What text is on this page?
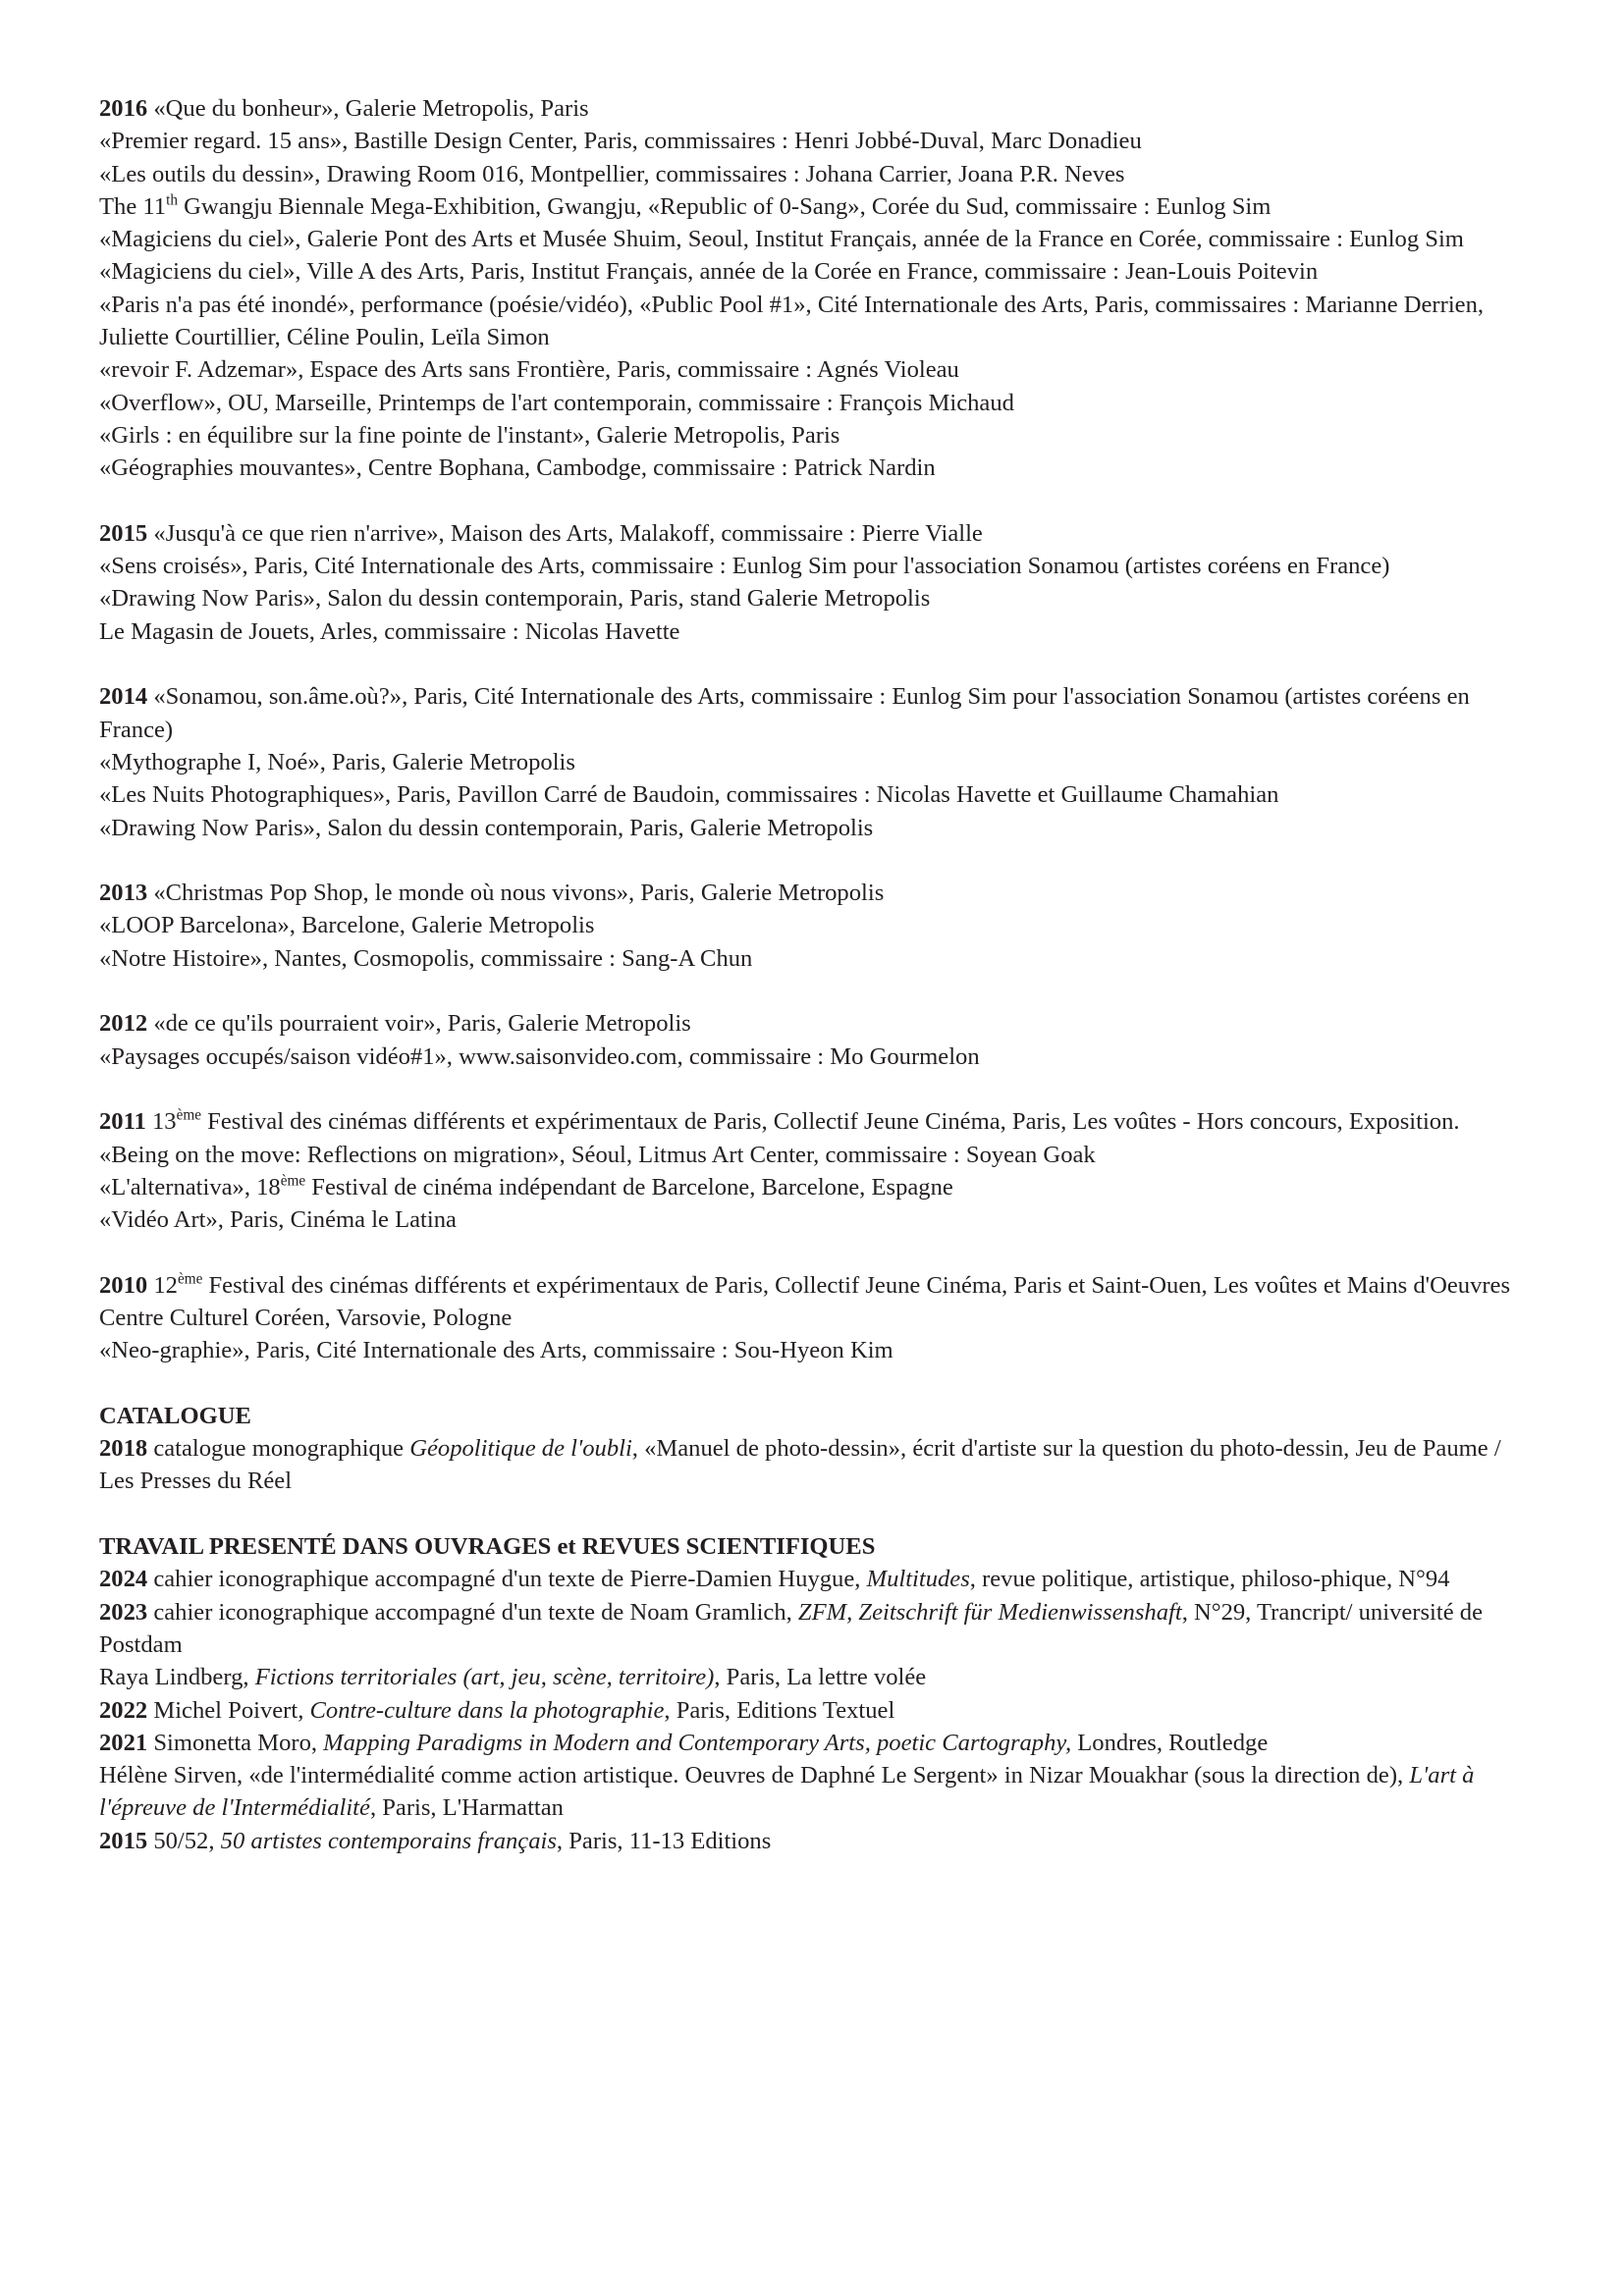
2016 «Que du bonheur», Galerie Metropolis, Paris

«Premier regard. 15 ans», Bastille Design Center, Paris, commissaires : Henri Jobbé-Duval, Marc Donadieu

«Les outils du dessin», Drawing Room 016, Montpellier, commissaires : Johana Carrier, Joana P.R. Neves

The 11th Gwangju Biennale Mega-Exhibition, Gwangju, «Republic of 0-Sang», Corée du Sud, commissaire : Eunlog Sim

«Magiciens du ciel», Galerie Pont des Arts et Musée Shuim, Seoul, Institut Français, année de la France en Corée, commissaire : Eunlog Sim

«Magiciens du ciel», Ville A des Arts, Paris, Institut Français, année de la Corée en France, commissaire : Jean-Louis Poitevin

«Paris n'a pas été inondé», performance (poésie/vidéo), «Public Pool #1», Cité Internationale des Arts, Paris, commissaires : Marianne Derrien, Juliette Courtillier, Céline Poulin, Leïla Simon

«revoir F. Adzemar», Espace des Arts sans Frontière, Paris, commissaire : Agnés Violeau

«Overflow», OU, Marseille, Printemps de l'art contemporain, commissaire : François Michaud

«Girls : en équilibre sur la fine pointe de l'instant», Galerie Metropolis, Paris

«Géographies mouvantes», Centre Bophana, Cambodge, commissaire : Patrick Nardin

2015 «Jusqu'à ce que rien n'arrive», Maison des Arts, Malakoff, commissaire : Pierre Vialle

«Sens croisés», Paris, Cité Internationale des Arts, commissaire : Eunlog Sim pour l'association Sonamou (artistes coréens en France)

«Drawing Now Paris», Salon du dessin contemporain, Paris, stand Galerie Metropolis

Le Magasin de Jouets, Arles, commissaire : Nicolas Havette

2014 «Sonamou, son.âme.où?», Paris, Cité Internationale des Arts, commissaire : Eunlog Sim pour l'association Sonamou (artistes coréens en France)

«Mythographe I, Noé», Paris, Galerie Metropolis

«Les Nuits Photographiques», Paris, Pavillon Carré de Baudoin, commissaires : Nicolas Havette et Guillaume Chamahian

«Drawing Now Paris», Salon du dessin contemporain, Paris, Galerie Metropolis

2013 «Christmas Pop Shop, le monde où nous vivons», Paris, Galerie Metropolis

«LOOP Barcelona», Barcelone, Galerie Metropolis

«Notre Histoire», Nantes, Cosmopolis, commissaire : Sang-A Chun

2012 «de ce qu'ils pourraient voir», Paris, Galerie Metropolis

«Paysages occupés/saison vidéo#1», www.saisonvideo.com, commissaire : Mo Gourmelon

2011 13ème Festival des cinémas différents et expérimentaux de Paris, Collectif Jeune Cinéma, Paris, Les voûtes - Hors concours, Exposition.

«Being on the move: Reflections on migration», Séoul, Litmus Art Center, commissaire : Soyean Goak

«L'alternativa», 18ème Festival de cinéma indépendant de Barcelone, Barcelone, Espagne

«Vidéo Art», Paris, Cinéma le Latina

2010 12ème Festival des cinémas différents et expérimentaux de Paris, Collectif Jeune Cinéma, Paris et Saint-Ouen, Les voûtes et Mains d'Oeuvres

Centre Culturel Coréen, Varsovie, Pologne

«Neo-graphie», Paris, Cité Internationale des Arts, commissaire : Sou-Hyeon Kim

CATALOGUE

2018 catalogue monographique Géopolitique de l'oubli, «Manuel de photo-dessin», écrit d'artiste sur la question du photo-dessin, Jeu de Paume / Les Presses du Réel

TRAVAIL PRESENTÉ DANS OUVRAGES et REVUES SCIENTIFIQUES

2024 cahier iconographique accompagné d'un texte de Pierre-Damien Huygue, Multitudes, revue politique, artistique, philoso-phique, N°94

2023 cahier iconographique accompagné d'un texte de Noam Gramlich, ZFM, Zeitschrift für Medienwissenshaft, N°29, Trancript/ université de Postdam

Raya Lindberg, Fictions territoriales (art, jeu, scène, territoire), Paris, La lettre volée

2022 Michel Poivert, Contre-culture dans la photographie, Paris, Editions Textuel

2021 Simonetta Moro, Mapping Paradigms in Modern and Contemporary Arts, poetic Cartography, Londres, Routledge

Hélène Sirven, «de l'intermédialité comme action artistique. Oeuvres de Daphné Le Sergent» in Nizar Mouakhar (sous la direction de), L'art à l'épreuve de l'Intermédialité, Paris, L'Harmattan

2015 50/52, 50 artistes contemporains français, Paris, 11-13 Editions
